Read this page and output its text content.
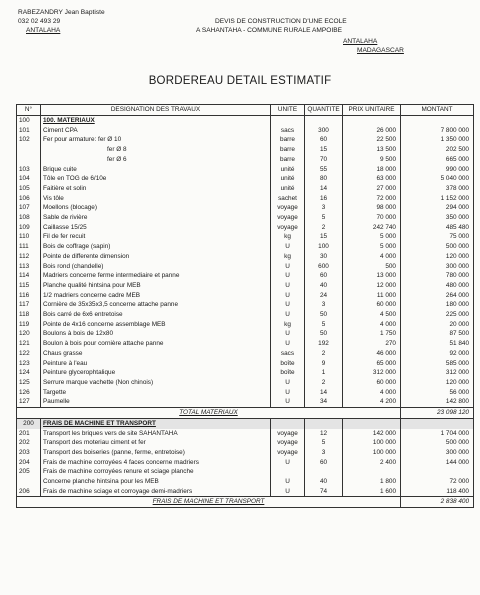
RABEZANDRY Jean Baptiste
032 02 493 29
ANTALAHA
DEVIS DE CONSTRUCTION D'UNE ECOLE
A SAHANTAHA - COMMUNE RURALE AMPOIBE
ANTALAHA
MADAGASCAR
BORDEREAU DETAIL ESTIMATIF
N°	DESIGNATION DES TRAVAUX	UNITE	QUANTITE	PRIX UNITAIRE	MONTANT
100	100. MATERIAUX				
101	Ciment CPA	sacs	300	26 000	7 800 000
102	Fer pour armature: fer Ø 10	barre	60	22 500	1 350 000
	fer Ø 8	barre	15	13 500	202 500
	fer Ø 6	barre	70	9 500	665 000
103	Brique cuite	unité	55	18 000	990 000
104	Tôle en TOG de 6/10e	unité	80	63 000	5 040 000
105	Faitière et solin	unité	14	27 000	378 000
106	Vis tôle	sachet	16	72 000	1 152 000
107	Moellons (blocage)	voyage	3	98 000	294 000
108	Sable de rivière	voyage	5	70 000	350 000
109	Caillasse 15/25	voyage	2	242 740	485 480
110	Fil de fer recuit	kg	15	5 000	75 000
111	Bois de coffrage (sapin)	U	100	5 000	500 000
112	Pointe de differente dimension	kg	30	4 000	120 000
113	Bois rond (chandelle)	U	600	500	300 000
114	Madriers concerne ferme intermediaire et panne	U	60	13 000	780 000
115	Planche qualité hintsina pour MEB	U	40	12 000	480 000
116	1/2 madriers concerne cadre MEB	U	24	11 000	264 000
117	Cornière de 35x35x3,5 concerne attache panne	U	3	60 000	180 000
118	Bois carré de 6x6 entretoise	U	50	4 500	225 000
119	Pointe de 4x16 concerne assemblage MEB	kg	5	4 000	20 000
120	Boulons à bois de 12x80	U	50	1 750	87 500
121	Boulon à bois pour cornière attache panne	U	192	270	51 840
122	Chaus grasse	sacs	2	46 000	92 000
123	Peinture à l'eau	boîte	9	65 000	585 000
124	Peinture glycerophtalique	boîte	1	312 000	312 000
125	Serrure marque vachette (Non chinois)	U	2	60 000	120 000
126	Targette	U	14	4 000	56 000
127	Paumelle	U	34	4 200	142 800
TOTAL MATERIAUX					23 098 120
200	FRAIS DE MACHINE ET TRANSPORT				
201	Transport les briques vers de site SAHANTAHA	voyage	12	142 000	1 704 000
202	Transport des moteriau ciment et fer	voyage	5	100 000	500 000
203	Transport des boiseries (panne, ferme, entretoise)	voyage	3	100 000	300 000
204	Frais de machine corroyées 4 faces concerne madriers	U	60	2 400	144 000
205	Frais de machine corroyées renure et sciage planche				
	Concerne planche hintsina pour les MEB	U	40	1 800	72 000
206	Frais de machine sciage et corroyage demi-madriers	U	74	1 600	118 400
FRAIS DE MACHINE ET TRANSPORT					2 838 400
